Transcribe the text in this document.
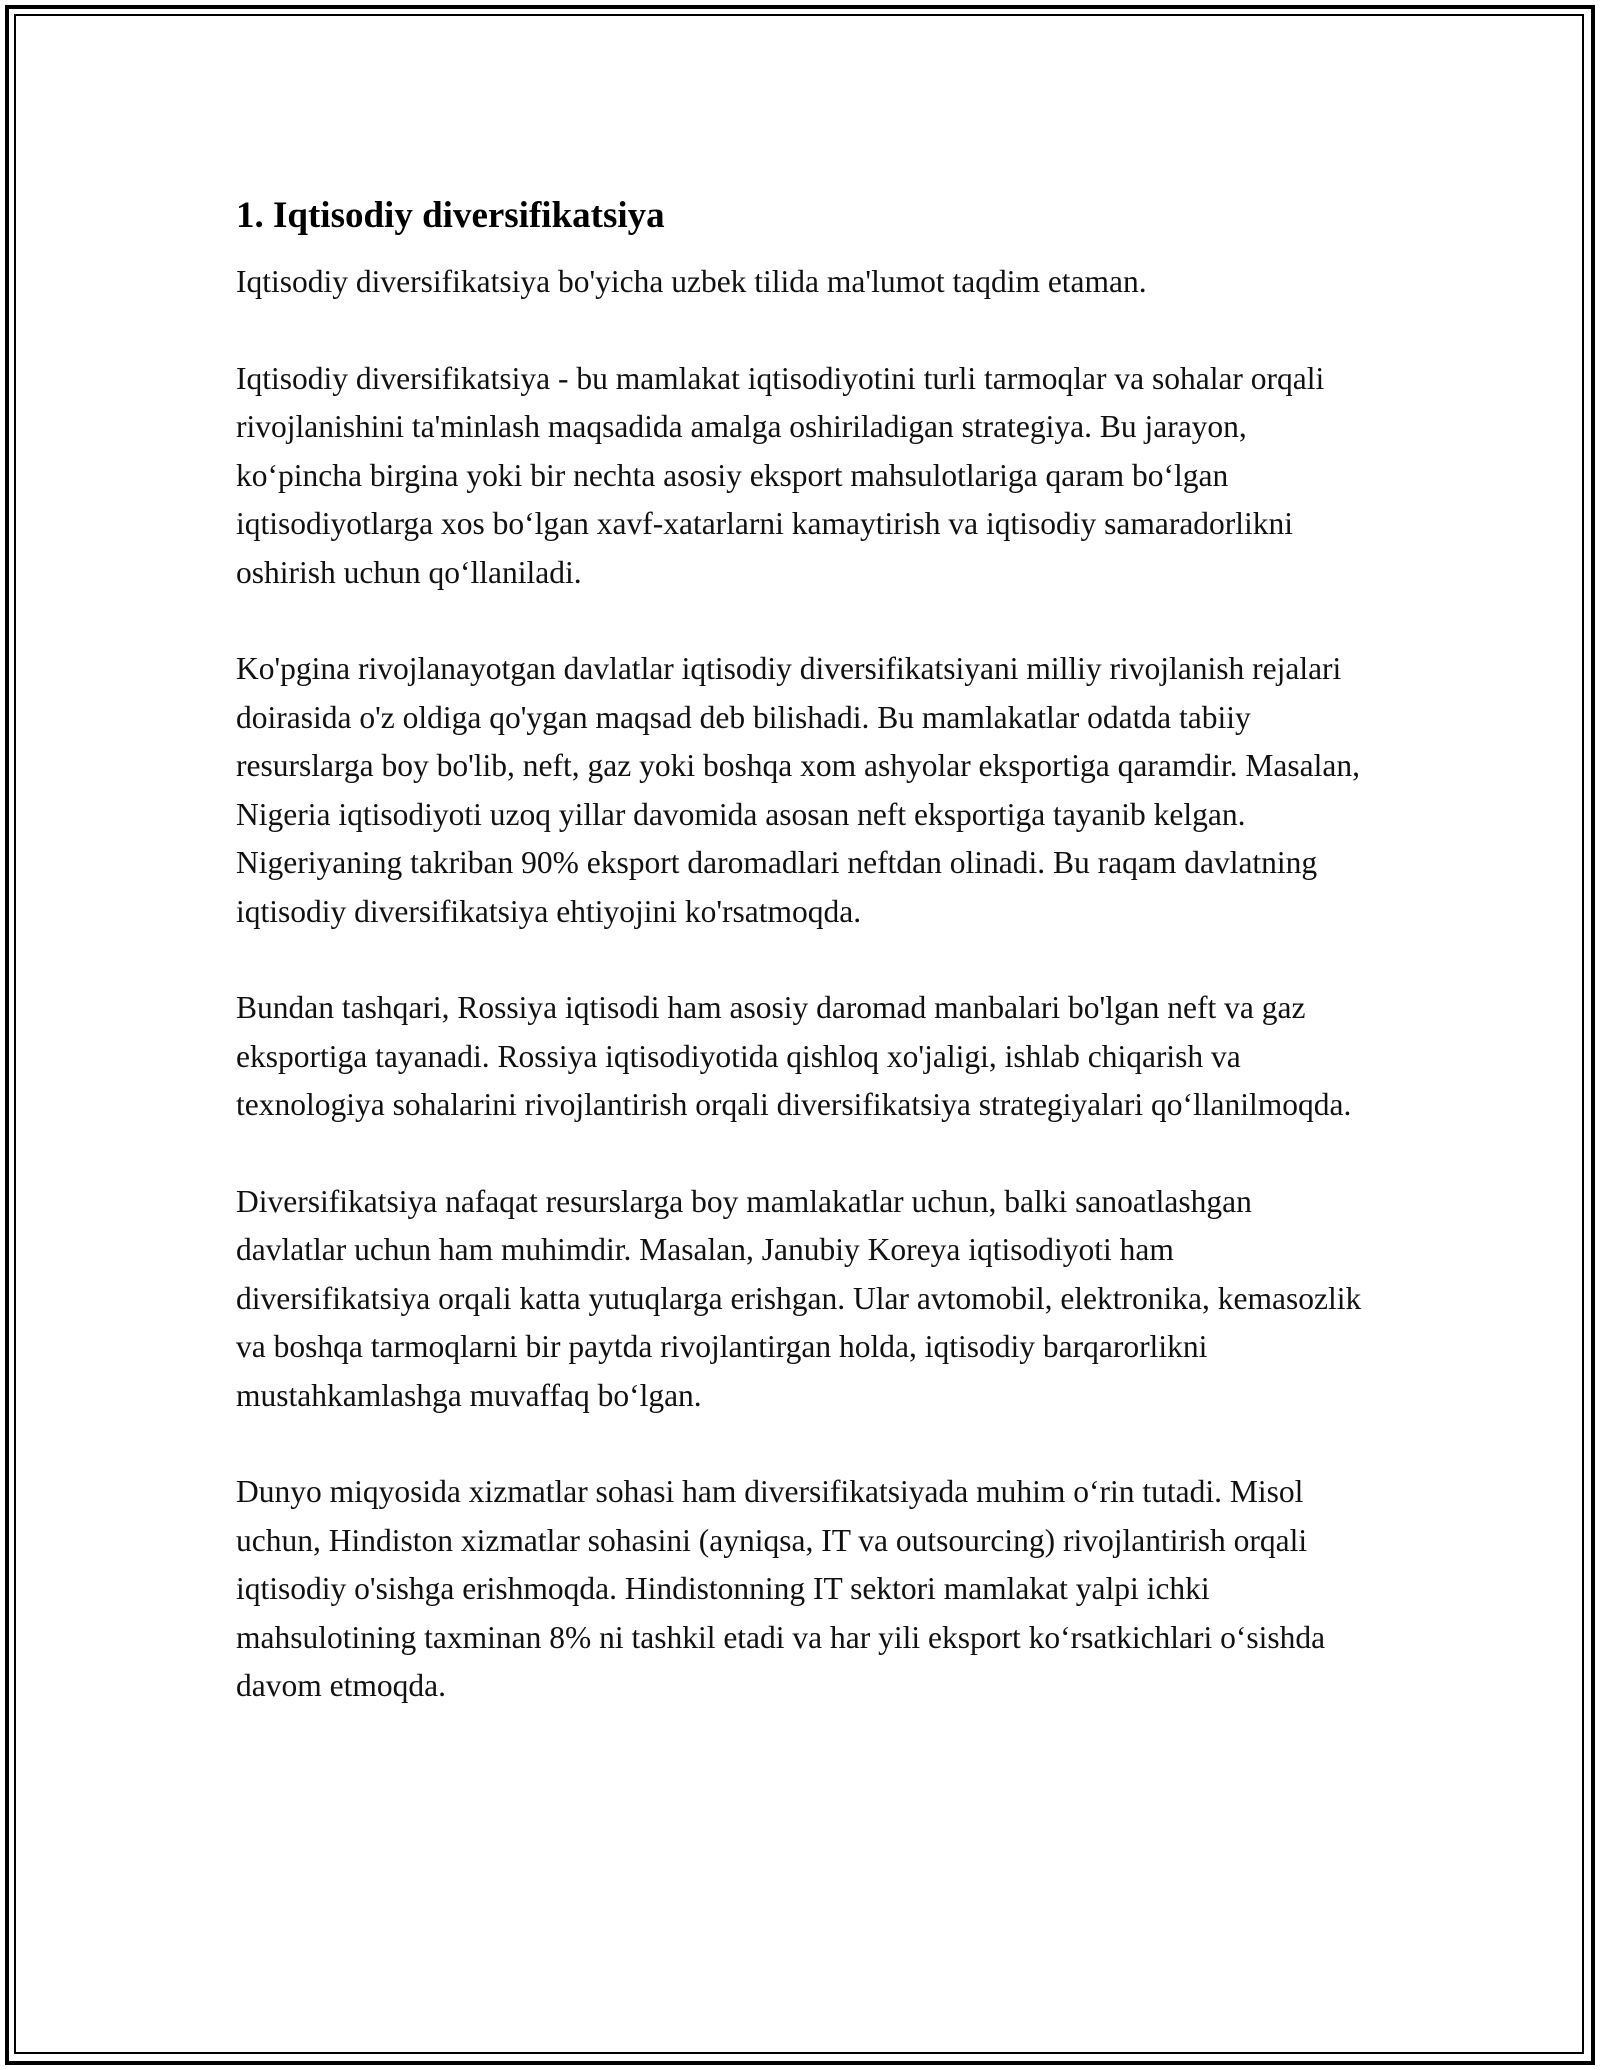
1. Iqtisodiy diversifikatsiya

Iqtisodiy diversifikatsiya bo'yicha uzbek tilida ma'lumot taqdim etaman.

Iqtisodiy diversifikatsiya - bu mamlakat iqtisodiyotini turli tarmoqlar va sohalar orqali rivojlanishini ta'minlash maqsadida amalga oshiriladigan strategiya. Bu jarayon, ko‘pincha birgina yoki bir nechta asosiy eksport mahsulotlariga qaram bo‘lgan iqtisodiyotlarga xos bo‘lgan xavf-xatarlarni kamaytirish va iqtisodiy samaradorlikni oshirish uchun qo‘llaniladi.

Ko'pgina rivojlanayotgan davlatlar iqtisodiy diversifikatsiyani milliy rivojlanish rejalari doirasida o'z oldiga qo'ygan maqsad deb bilishadi. Bu mamlakatlar odatda tabiiy resurslarga boy bo'lib, neft, gaz yoki boshqa xom ashyolar eksportiga qaramdir. Masalan, Nigeria iqtisodiyoti uzoq yillar davomida asosan neft eksportiga tayanib kelgan. Nigeriyaning takriban 90% eksport daromadlari neftdan olinadi. Bu raqam davlatning iqtisodiy diversifikatsiya ehtiyojini ko'rsatmoqda.

Bundan tashqari, Rossiya iqtisodi ham asosiy daromad manbalari bo'lgan neft va gaz eksportiga tayanadi. Rossiya iqtisodiyotida qishloq xo'jaligi, ishlab chiqarish va texnologiya sohalarini rivojlantirish orqali diversifikatsiya strategiyalari qo‘llanilmoqda.

Diversifikatsiya nafaqat resurslarga boy mamlakatlar uchun, balki sanoatlashgan davlatlar uchun ham muhimdir. Masalan, Janubiy Koreya iqtisodiyoti ham diversifikatsiya orqali katta yutuqlarga erishgan. Ular avtomobil, elektronika, kemasozlik va boshqa tarmoqlarni bir paytda rivojlantirgan holda, iqtisodiy barqarorlikni mustahkamlashga muvaffaq bo‘lgan.

Dunyo miqyosida xizmatlar sohasi ham diversifikatsiyada muhim o‘rin tutadi. Misol uchun, Hindiston xizmatlar sohasini (ayniqsa, IT va outsourcing) rivojlantirish orqali iqtisodiy o'sishga erishmoqda. Hindistonning IT sektori mamlakat yalpi ichki mahsulotining taxminan 8% ni tashkil etadi va har yili eksport ko‘rsatkichlari o‘sishda davom etmoqda.
